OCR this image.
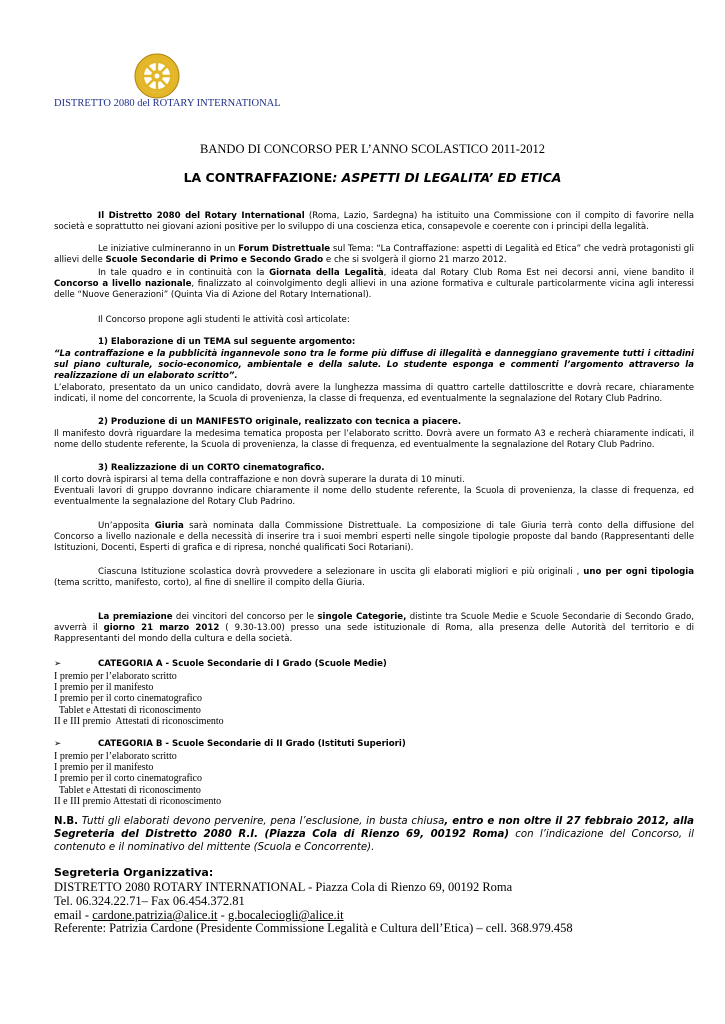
DISTRETTO 2080 del ROTARY INTERNATIONAL
BANDO DI CONCORSO PER L’ANNO SCOLASTICO 2011-2012
LA CONTRAFFAZIONE: ASPETTI DI LEGALITA’ ED ETICA
Il Distretto 2080 del Rotary International (Roma, Lazio, Sardegna) ha istituito una Commissione con il compito di favorire nella società e soprattutto nei giovani azioni positive per lo sviluppo di una coscienza etica, consapevole e coerente con i principi della legalità.
Le iniziative culmineranno in un Forum Distrettuale sul Tema: “La Contraffazione: aspetti di Legalità ed Etica” che vedrà protagonisti gli allievi delle Scuole Secondarie di Primo e Secondo Grado e che si svolgerà il giorno 21 marzo 2012.
In tale quadro e in continuità con la Giornata della Legalità, ideata dal Rotary Club Roma Est nei decorsi anni, viene bandito il Concorso a livello nazionale, finalizzato al coinvolgimento degli allievi in una azione formativa e culturale particolarmente vicina agli interessi delle “Nuove Generazioni” (Quinta Via di Azione del Rotary International).
Il Concorso propone agli studenti le attività così articolate:
1) Elaborazione di un TEMA sul seguente argomento:
“La contraffazione e la pubblicità ingannevole sono tra le forme più diffuse di illegalità e danneggiano gravemente tutti i cittadini sul piano culturale, socio-economico, ambientale e della salute. Lo studente esponga e commenti l’argomento attraverso la realizzazione di un elaborato scritto”.
L’elaborato, presentato da un unico candidato, dovrà avere la lunghezza massima di quattro cartelle dattiloscritte e dovrà recare, chiaramente indicati, il nome del concorrente, la Scuola di provenienza, la classe di frequenza, ed eventualmente la segnalazione del Rotary Club Padrino.
2) Produzione di un MANIFESTO originale, realizzato con tecnica a piacere.
Il manifesto dovrà riguardare la medesima tematica proposta per l’elaborato scritto. Dovrà avere un formato A3 e recherà chiaramente indicati, il nome dello studente referente, la Scuola di provenienza, la classe di frequenza, ed eventualmente la segnalazione del Rotary Club Padrino.
3) Realizzazione di un CORTO cinematografico.
Il corto dovrà ispirarsi al tema della contraffazione e non dovrà superare la durata di 10 minuti.
Eventuali lavori di gruppo dovranno indicare chiaramente il nome dello studente referente, la Scuola di provenienza, la classe di frequenza, ed eventualmente la segnalazione del Rotary Club Padrino.
Un’apposita Giuria sarà nominata dalla Commissione Distrettuale. La composizione di tale Giuria terrà conto della diffusione del Concorso a livello nazionale e della necessità di inserire tra i suoi membri esperti nelle singole tipologie proposte dal bando (Rappresentanti delle Istituzioni, Docenti, Esperti di grafica e di ripresa, nonché qualificati Soci Rotariani).
Ciascuna Istituzione scolastica dovrà provvedere a selezionare in uscita gli elaborati migliori e più originali , uno per ogni tipologia (tema scritto, manifesto, corto), al fine di snellire il compito della Giuria.
La premiazione dei vincitori del concorso per le singole Categorie, distinte tra Scuole Medie e Scuole Secondarie di Secondo Grado, avverrà il giorno 21 marzo 2012 ( 9.30-13.00) presso una sede istituzionale di Roma, alla presenza delle Autorità del territorio e di Rappresentanti del mondo della cultura e della società.
➢	CATEGORIA A - Scuole Secondarie di I Grado (Scuole Medie)
I premio per l’elaborato scritto
I premio per il manifesto
I premio per il corto cinematografico
Tablet e Attestati di riconoscimento
II e III premio  Attestati di riconoscimento
➢	CATEGORIA B - Scuole Secondarie di II Grado (Istituti Superiori)
I premio per l’elaborato scritto
I premio per il manifesto
I premio per il corto cinematografico
Tablet e Attestati di riconoscimento
II e III premio Attestati di riconoscimento
N.B. Tutti gli elaborati devono pervenire, pena l’esclusione, in busta chiusa, entro e non oltre il 27 febbraio 2012, alla Segreteria del Distretto 2080 R.I. (Piazza Cola di Rienzo 69, 00192 Roma) con l’indicazione del Concorso, il contenuto e il nominativo del mittente (Scuola e Concorrente).
Segreteria Organizzativa:
DISTRETTO 2080 ROTARY INTERNATIONAL - Piazza Cola di Rienzo 69, 00192 Roma
Tel. 06.324.22.71– Fax 06.454.372.81
email - cardone.patrizia@alice.it - g.bocaleciogli@alice.it
Referente: Patrizia Cardone (Presidente Commissione Legalità e Cultura dell’Etica) – cell. 368.979.458
